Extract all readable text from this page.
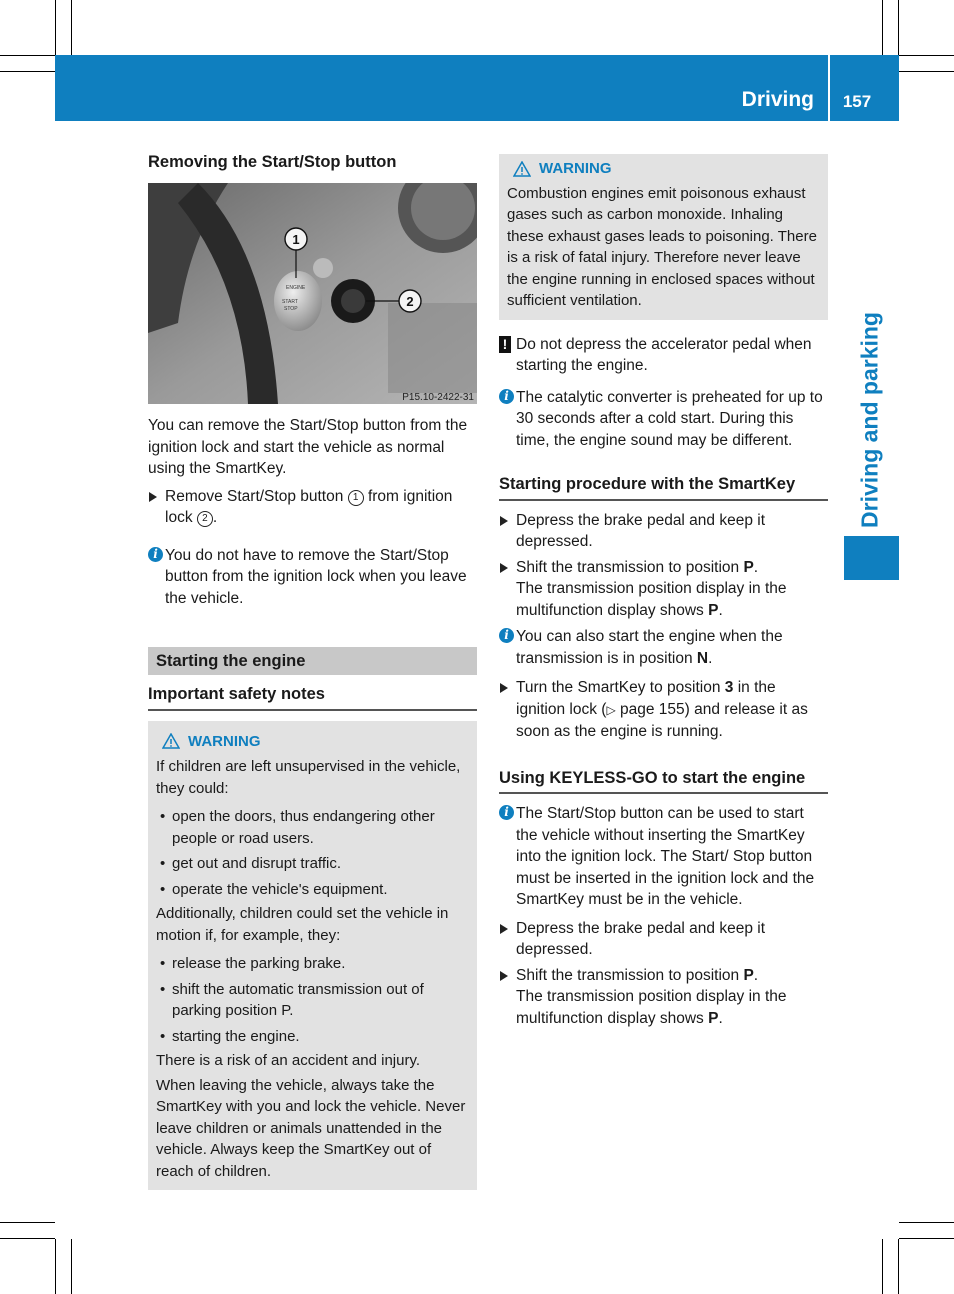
Driving	157
Driving and parking
Removing the Start/Stop button
ENGINE
START
STOP
1
2
P15.10-2422-31

You can remove the Start/Stop button from the ignition lock and start the vehicle as normal using the SmartKey.

Remove Start/Stop button 1 from ignition lock 2 .
i You do not have to remove the Start/Stop button from the ignition lock when you leave the vehicle.
Starting the engine
Important safety notes
WARNING

If children are left unsupervised in the vehicle, they could:

• open the doors, thus endangering other people or road users.
• get out and disrupt traffic.
• operate the vehicle's equipment.

Additionally, children could set the vehicle in motion if, for example, they:

• release the parking brake.
• shift the automatic transmission out of parking position P.
• starting the engine.

There is a risk of an accident and injury.

When leaving the vehicle, always take the SmartKey with you and lock the vehicle. Never leave children or animals unattended in the vehicle. Always keep the SmartKey out of reach of children.

WARNING

Combustion engines emit poisonous exhaust gases such as carbon monoxide. Inhaling these exhaust gases leads to poisoning. There is a risk of fatal injury. Therefore never leave the engine running in enclosed spaces without sufficient ventilation.

! Do not depress the accelerator pedal when starting the engine.
i The catalytic converter is preheated for up to 30 seconds after a cold start. During this time, the engine sound may be different.
Starting procedure with the SmartKey
Depress the brake pedal and keep it depressed.
Shift the transmission to position P.
The transmission position display in the multifunction display shows P.
i You can also start the engine when the transmission is in position N.
Turn the SmartKey to position 3 in the ignition lock (▷ page 155) and release it as soon as the engine is running.
Using KEYLESS-GO to start the engine
i The Start/Stop button can be used to start the vehicle without inserting the SmartKey into the ignition lock. The Start/ Stop button must be inserted in the ignition lock and the SmartKey must be in the vehicle.
Depress the brake pedal and keep it depressed.
Shift the transmission to position P.
The transmission position display in the multifunction display shows P.
